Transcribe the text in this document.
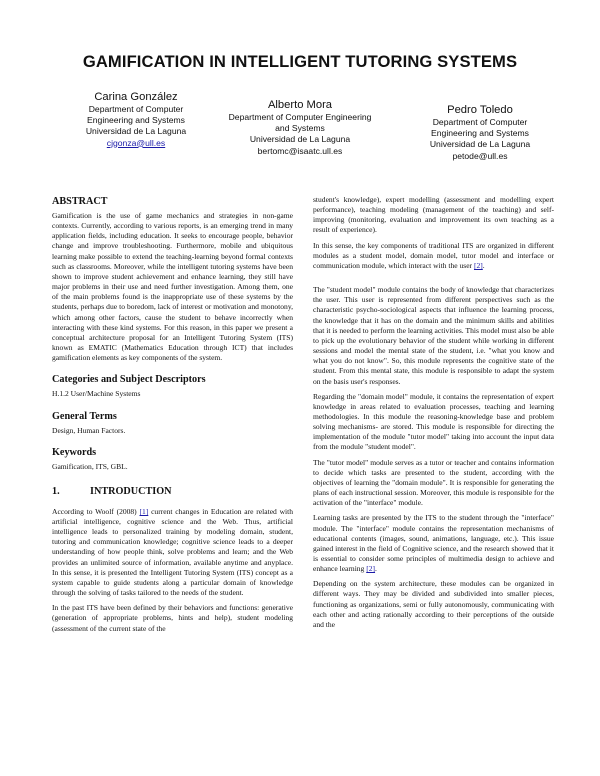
GAMIFICATION IN INTELLIGENT TUTORING SYSTEMS
Carina González
Department of Computer
Engineering and Systems
Universidad de La Laguna
cjgonza@ull.es
Alberto Mora
Department of Computer Engineering
and Systems
Universidad de La Laguna
bertomc@isaatc.ull.es
Pedro Toledo
Department of Computer
Engineering and Systems
Universidad de La Laguna
petode@ull.es
ABSTRACT

Gamification is the use of game mechanics and strategies in non-game contexts. Currently, according to various reports, is an emerging trend in many application fields, including education. It seeks to encourage people, behavior change and improve troubleshooting. Furthermore, mobile and ubiquitous learning make possible to extend the teaching-learning beyond formal contexts such as classrooms. Moreover, while the intelligent tutoring systems have been shown to improve student achievement and enhance learning, they still have major problems in their use and need further investigation. Among them, one of the main problems found is the inappropriate use of these systems by the students, perhaps due to boredom, lack of interest or motivation and monotony, which among other factors, cause the student to behave incorrectly when interacting with these kind systems. For this reason, in this paper we present a conceptual architecture proposal for an Intelligent Tutoring System (ITS) known as EMATIC (Mathematics Education through ICT) that includes gamification elements as key components of the system.

Categories and Subject Descriptors

H.1.2 User/Machine Systems

General Terms

Design, Human Factors.

Keywords

Gamification, ITS, GBL.

1.	INTRODUCTION

According to Woolf (2008) [1] current changes in Education are related with artificial intelligence, cognitive science and the Web. Thus, artificial intelligence leads to personalized training by modeling domain, student, tutoring and communication knowledge; cognitive science leads to a deeper understanding of how people think, solve problems and learn; and the Web provides an unlimited source of information, available anytime and anyplace. In this sense, it is presented the Intelligent Tutoring System (ITS) concept as a system capable to guide students along a particular domain of knowledge through the solving of tasks tailored to the needs of the student.

In the past ITS have been defined by their behaviors and functions: generative (generation of appropriate problems, hints and help), student modeling (assessment of the current state of the

student's knowledge), expert modelling (assessment and modelling expert performance), teaching modeling (management of the teaching) and self-improving (monitoring, evaluation and improvement its own teaching as a result of experience).

In this sense, the key components of traditional ITS are organized in different modules as a student model, domain model, tutor model and interface or communication module, which interact with the user [2].

The "student model" module contains the body of knowledge that characterizes the user. This user is represented from different perspectives such as the characteristic psycho-sociological aspects that influence the learning process, the knowledge that it has on the domain and the minimum skills and abilities that it is needed to perform the learning activities. This model must also be able to pick up the evolutionary behavior of the student while working in different sessions and model the mental state of the student, i.e. "what you know and what you do not know". So, this module represents the cognitive state of the student. From this mental state, this module is responsible to adapt the system on the basis user's responses.

Regarding the "domain model" module, it contains the representation of expert knowledge in areas related to evaluation processes, teaching and learning methodologies. In this module the reasoning-knowledge base and problem solving mechanisms- are stored. This module is responsible for directing the implementation of the module "tutor model" taking into account the input data from the module "student model".

The "tutor model" module serves as a tutor or teacher and contains information to decide which tasks are presented to the student, according with the objectives of learning the "domain module". It is responsible for generating the plans of each instructional session. Moreover, this module is responsible for the activation of the "interface" module.

Learning tasks are presented by the ITS to the student through the "interface" module. The "interface" module contains the representation mechanisms of educational contents (images, sound, animations, language, etc.). This issue gained interest in the field of Cognitive science, and the research showed that it is essential to consider some principles of multimedia design to achieve and enhance learning [2].

Depending on the system architecture, these modules can be organized in different ways. They may be divided and subdivided into smaller pieces, functioning as organizations, semi or fully autonomously, communicating with each other and acting rationally according to their perceptions of the outside and the
